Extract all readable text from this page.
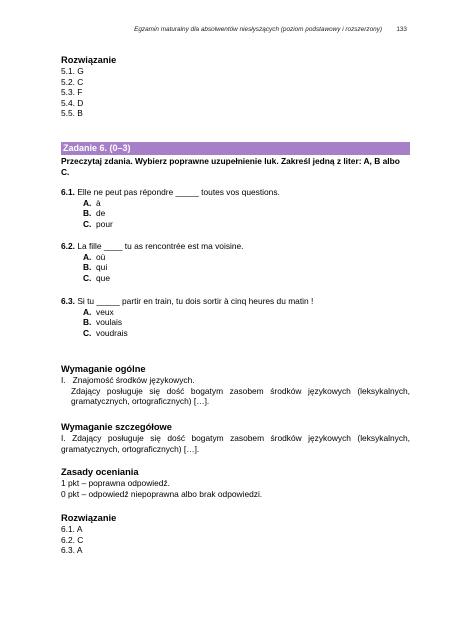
Egzamin maturalny dla absolwentów niesłyszących (poziom podstawowy i rozszerzony) 133
Rozwiązanie
5.1. G
5.2. C
5.3. F
5.4. D
5.5. B
Zadanie 6. (0–3)
Przeczytaj zdania. Wybierz poprawne uzupełnienie luk. Zakreśl jedną z liter: A, B albo
C.
6.1. Elle ne peut pas répondre _____ toutes vos questions.
A. à
B. de
C. pour
6.2. La fille ____ tu as rencontrée est ma voisine.
A. où
B. qui
C. que
6.3. Si tu _____ partir en train, tu dois sortir à cinq heures du matin !
A. veux
B. voulais
C. voudrais
Wymaganie ogólne
I.   Znajomość środków językowych.
Zdający posługuje się dość bogatym zasobem środków językowych (leksykalnych,
gramatycznych, ortograficznych) […].
Wymaganie szczegółowe
I. Zdający posługuje się dość bogatym zasobem środków językowych (leksykalnych,
gramatycznych, ortograficznych) […].
Zasady oceniania
1 pkt – poprawna odpowiedź.
0 pkt – odpowiedź niepoprawna albo brak odpowiedzi.
Rozwiązanie
6.1. A
6.2. C
6.3. A
